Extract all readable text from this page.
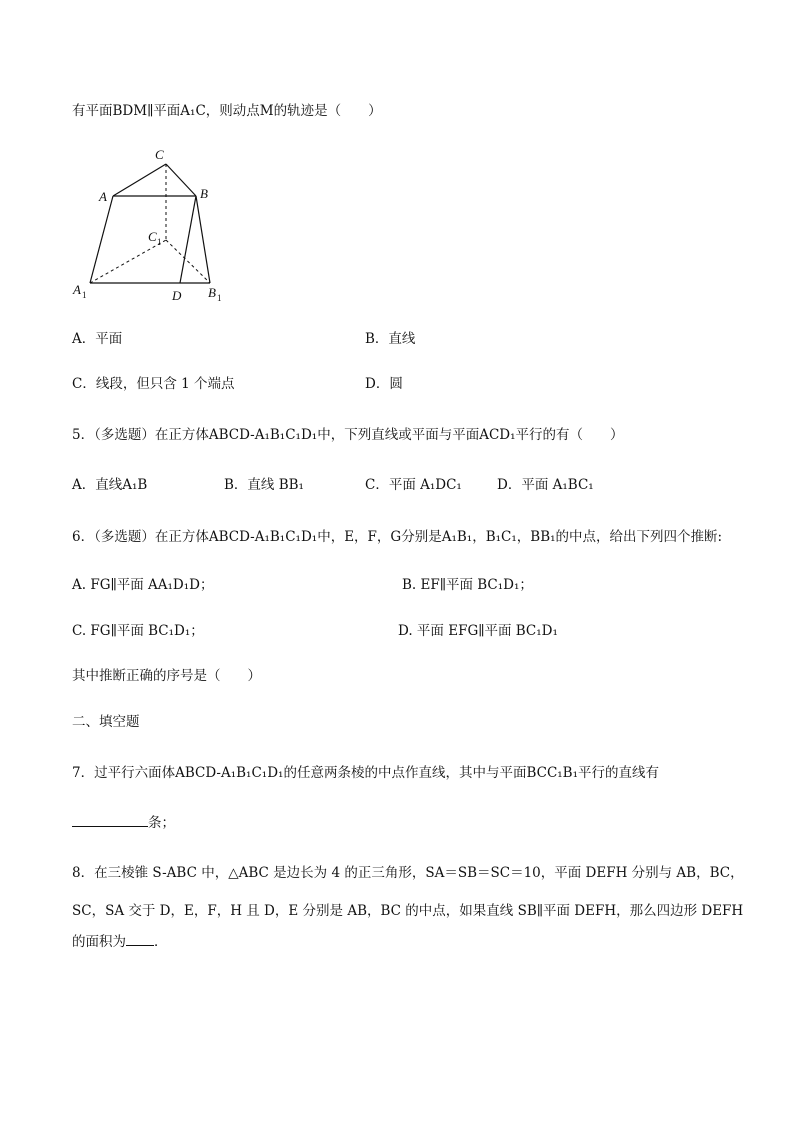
有平面BDM∥平面A₁C，则动点M的轨迹是（　　）
C
A	B
C 1
A 1	D B 1
A．平面	B．直线
C．线段，但只含 1 个端点	D．圆
5．（多选题）在正方体ABCD-A₁B₁C₁D₁中，下列直线或平面与平面ACD₁平行的有（　　）
A．直线A₁B	B．直线 BB₁	C．平面 A₁DC₁	D．平面 A₁BC₁
6．（多选题）在正方体ABCD-A₁B₁C₁D₁中，E，F，G分别是A₁B₁，B₁C₁，BB₁的中点，给出下列四个推断:
A. FG∥平面 AA₁D₁D；	B. EF∥平面 BC₁D₁；
C. FG∥平面 BC₁D₁；	D. 平面 EFG∥平面 BC₁D₁
其中推断正确的序号是（　　）
二、填空题
7．过平行六面体ABCD-A₁B₁C₁D₁的任意两条棱的中点作直线，其中与平面BCC₁B₁平行的直线有
条；
8．在三棱锥 S-ABC 中，△ABC 是边长为 4 的正三角形，SA＝SB＝SC＝10，平面 DEFH 分别与 AB，BC，
SC，SA 交于 D，E，F，H 且 D，E 分别是 AB，BC 的中点，如果直线 SB∥平面 DEFH，那么四边形 DEFH
的面积为 ．
